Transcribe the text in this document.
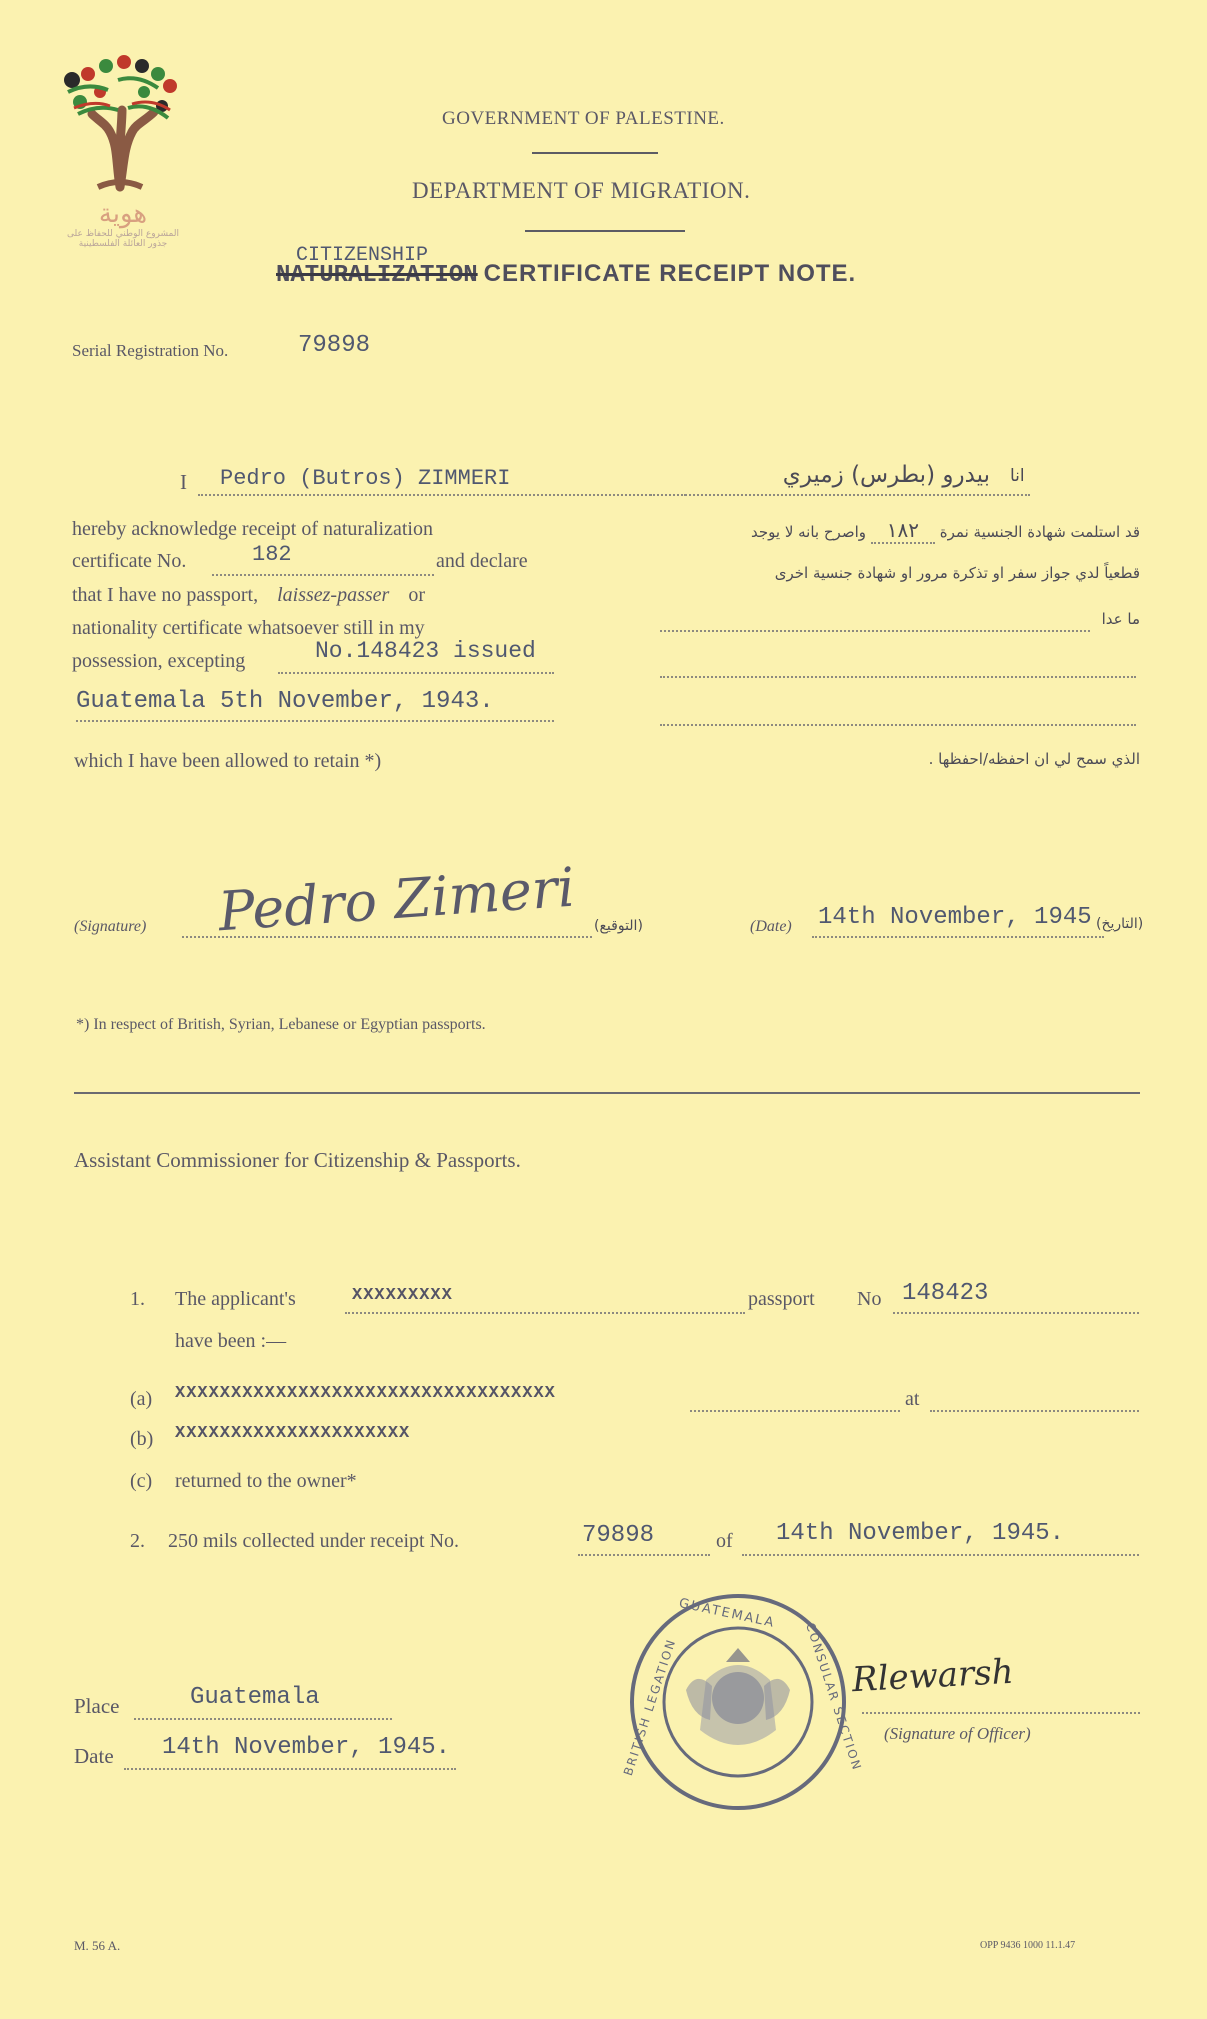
هوية
المشروع الوطني للحفاظ على
جذور العائلة الفلسطينية
GOVERNMENT OF PALESTINE.
DEPARTMENT OF MIGRATION.
CITIZENSHIP
NATURALIZATION CERTIFICATE RECEIPT NOTE.
Serial Registration No.	79898
I Pedro (Butros) ZIMMERI
hereby acknowledge receipt of naturalization
certificate No.	182	and declare
that I have no passport, laissez-passer or
nationality certificate whatsoever still in my
possession, excepting	No.148423 issued
Guatemala 5th November, 1943.
which I have been allowed to retain *)
انا
بيدرو (بطرس) زميري
قد استلمت شهادة الجنسية نمرة ١٨٢ واصرح بانه لا يوجد
قطعياً لدي جواز سفر او تذكرة مرور او شهادة جنسية اخرى
ما عدا
الذي سمح لي ان احفظه/احفظها .
(Signature) Pedro Zimeri (التوقيع)	(Date) 14th November, 1945 (التاريخ)
*) In respect of British, Syrian, Lebanese or Egyptian passports.
Assistant Commissioner for Citizenship & Passports.
1. The applicant's	XXXXXXXXX	passport No 148423
have been :—
(a) XXXXXXXXXXXXXXXXXXXXXXXXXXXXXXXXXX	at
(b) XXXXXXXXXXXXXXXXXXXXX
(c) returned to the owner*
2. 250 mils collected under receipt No.	79898	of 14th November, 1945.
Place	Guatemala
Date 14th November, 1945.
GUATEMALA
BRITISH LEGATION	CONSULAR SECTION
Rlewarsh
(Signature of Officer)
M. 56 A.	OPP 9436 1000 11.1.47
